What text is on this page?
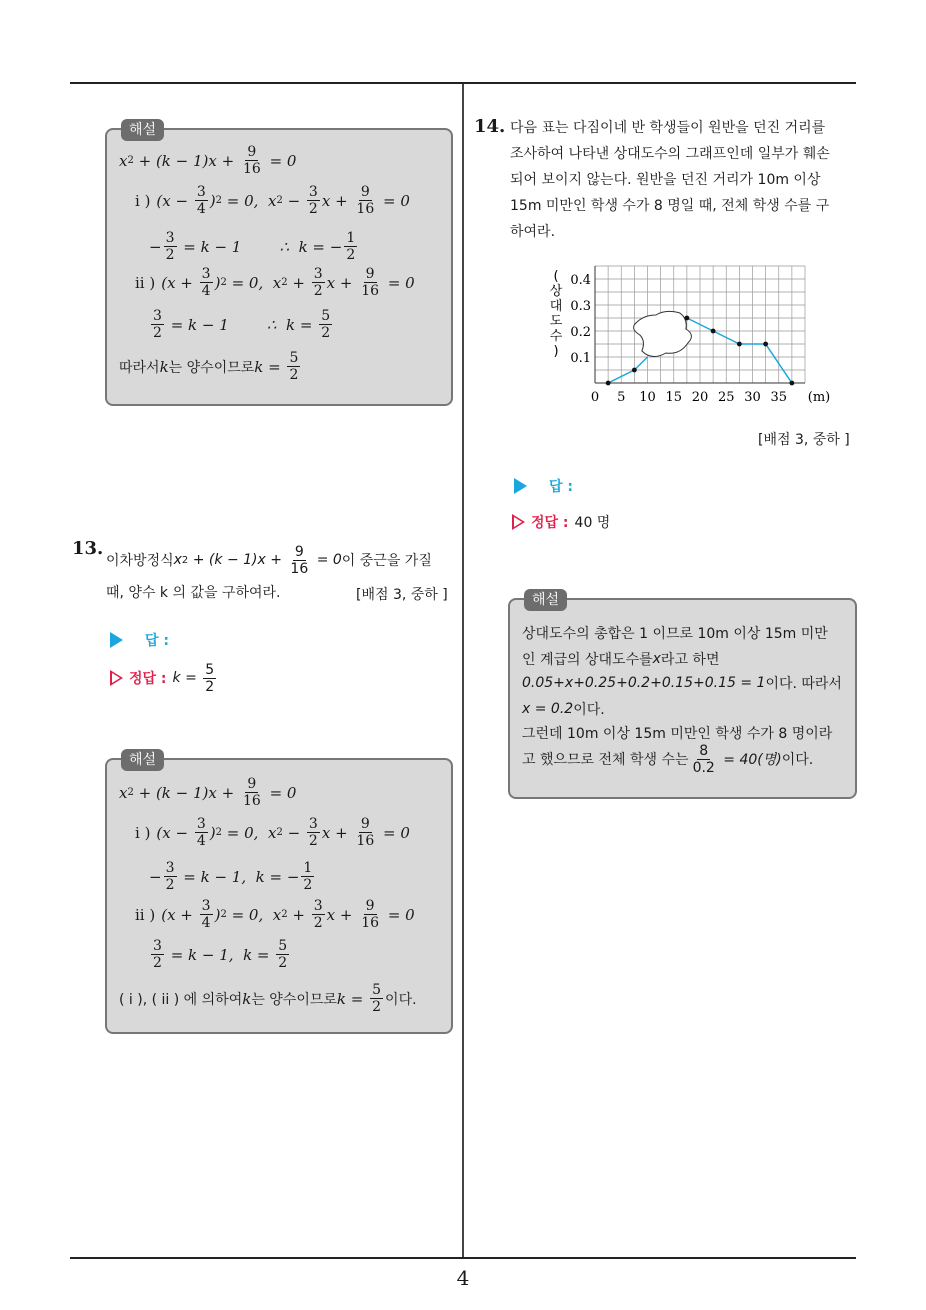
4
해설
x $2 + (k - 1)x + \frac{9}{16} = 0$
i ) ( $x - \frac{3}{4}$ ) 2 = 0,  x $2 - \frac{3}{2}$ $x + \frac{9}{16} = 0$
− $\frac{3}{2} = k - 1$ ∴  k = − $\frac{1}{2}$
ii ) ( $x + \frac{3}{4}$ ) 2 = 0,  x $2 + \frac{3}{2}$ $x + \frac{9}{16} = 0$
$\frac{3}{2} = k - 1$ ∴  $k = \frac{5}{2}$
따라서 k 는 양수이므로 $k = \frac{5}{2}$
13.
이차방정식 x $2 + (k - 1)x + \frac{9}{16} = 0$ 이 중근을 가질
때, 양수 k 의 값을 구하여라.	[배점 3, 중하 ]
답 :
정답 : $k = \frac{5}{2}$
해설
x $2 + (k - 1)x + \frac{9}{16} = 0$
i ) ( $x - \frac{3}{4}$ ) 2 = 0,  x $2 - \frac{3}{2}$ $x + \frac{9}{16} = 0$
− $\frac{3}{2} = k - 1$,  k = − $\frac{1}{2}$
ii ) ( $x + \frac{3}{4}$ ) 2 = 0,  x $2 + \frac{3}{2}$ $x + \frac{9}{16} = 0$
$\frac{3}{2} = k - 1$,  $k = \frac{5}{2}$
( i ), ( ii ) 에 의하여 k 는 양수이므로 $k = \frac{5}{2}$ 이다.
14. 다음 표는 다짐이네 반 학생들이 원반을 던진 거리를
조사하여 나타낸 상대도수의 그래프인데 일부가 훼손
되어 보이지 않는다. 원반을 던진 거리가 10m 이상
15m 미만인 학생 수가 8 명일 때, 전체 학생 수를 구
하여라.
0 5 10 15 20 25 30 35 (m)
0.1
0.2
0.3
0.4
( 상 대 도 수 )
[배점 3, 중하 ]
답 :
정답 : 40 명
해설
상대도수의 총합은 1 이므로 10m 이상 15m 미만
인 계급의 상대도수를 x 라고 하면
0.05+x+0.25+0.2+0.15+0.15 = 1 이다. 따라서
x = 0.2 이다.
그런데 10m 이상 15m 미만인 학생 수가 8 명이라
고 했으므로 전체 학생 수는 $\frac{8}{0.2} = 40$(명) 이다.
